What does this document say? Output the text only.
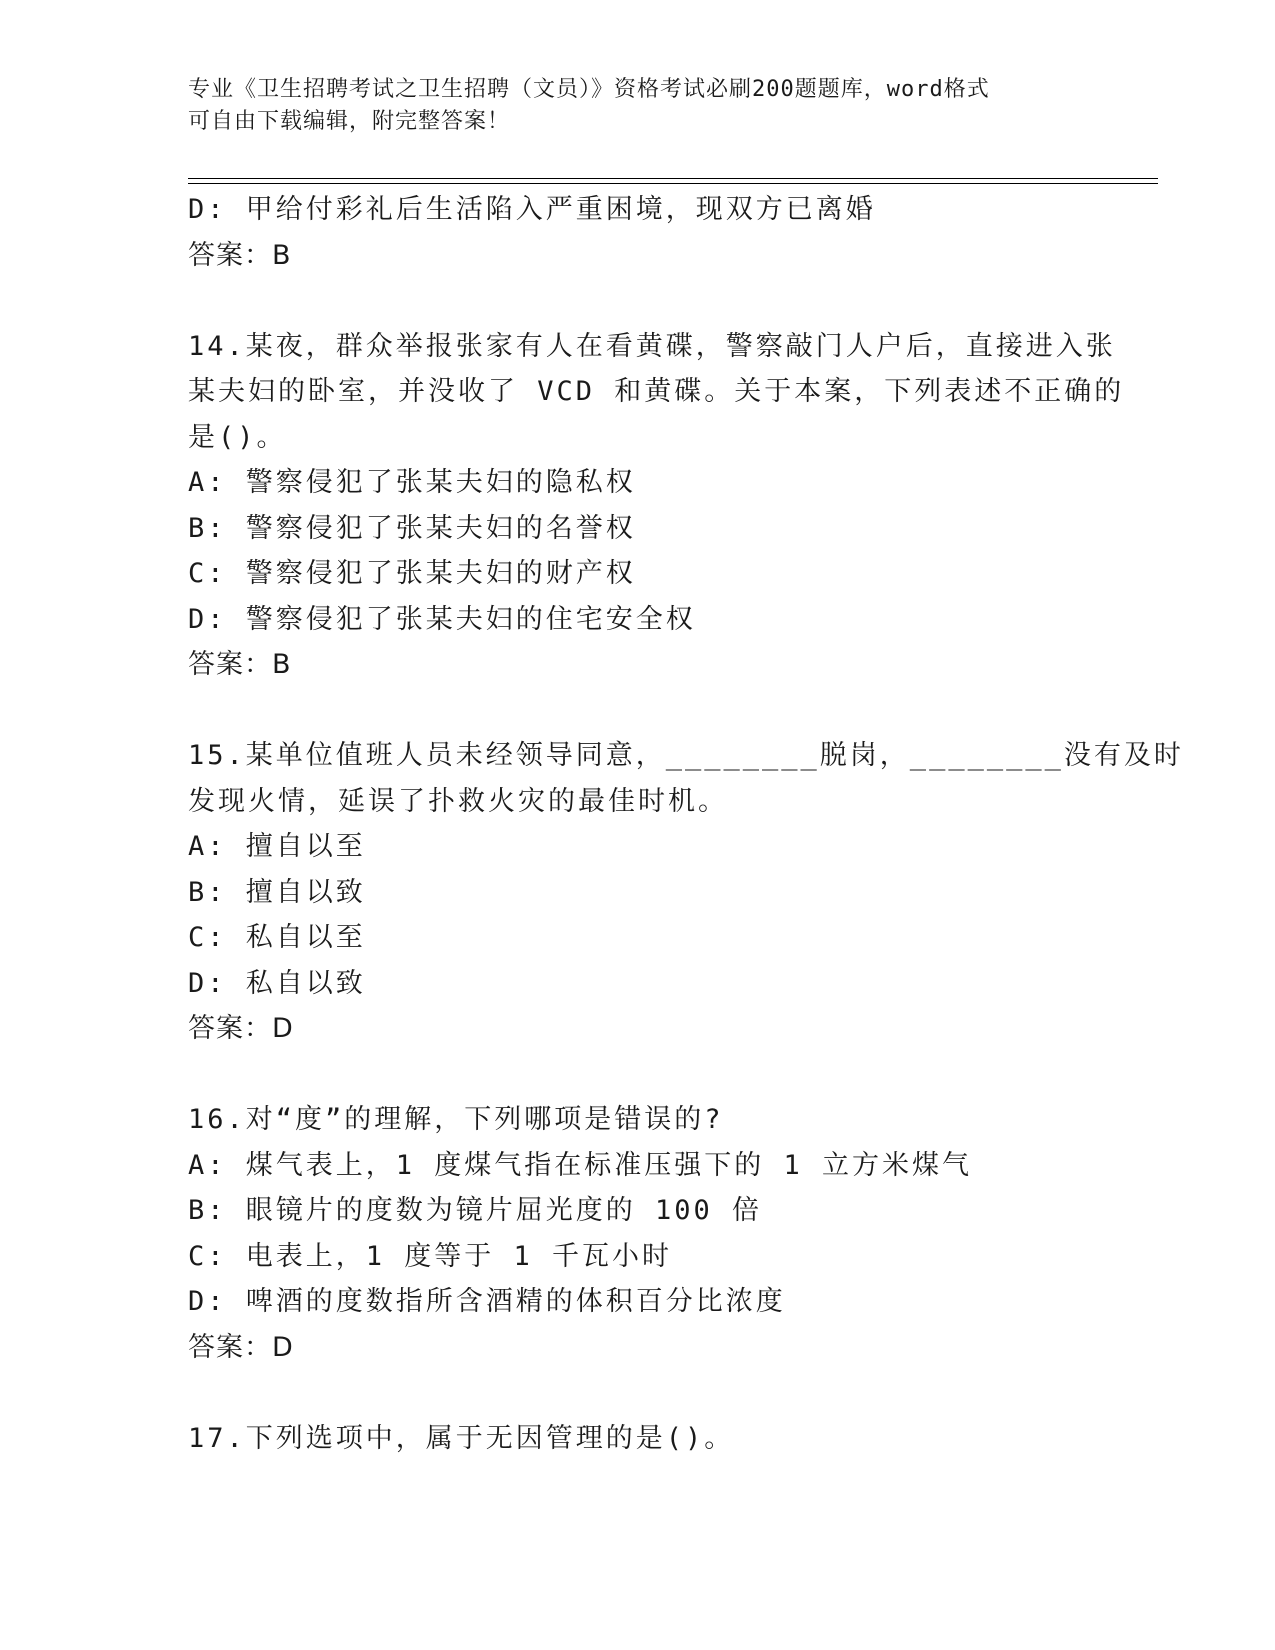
专业《卫生招聘考试之卫生招聘（文员）》资格考试必刷200题题库，word格式
可自由下载编辑，附完整答案！
D: 甲给付彩礼后生活陷入严重困境，现双方已离婚
答案：B
14.某夜，群众举报张家有人在看黄碟，警察敲门人户后，直接进入张
某夫妇的卧室，并没收了 VCD 和黄碟。关于本案，下列表述不正确的
是()。
A: 警察侵犯了张某夫妇的隐私权
B: 警察侵犯了张某夫妇的名誉权
C: 警察侵犯了张某夫妇的财产权
D: 警察侵犯了张某夫妇的住宅安全权
答案：B
15.某单位值班人员未经领导同意，________脱岗，________没有及时
发现火情，延误了扑救火灾的最佳时机。
A: 擅自以至
B: 擅自以致
C: 私自以至
D: 私自以致
答案：D
16.对“度”的理解，下列哪项是错误的?
A: 煤气表上，1 度煤气指在标准压强下的 1 立方米煤气
B: 眼镜片的度数为镜片屈光度的 100 倍
C: 电表上，1 度等于 1 千瓦小时
D: 啤酒的度数指所含酒精的体积百分比浓度
答案：D
17.下列选项中，属于无因管理的是()。
